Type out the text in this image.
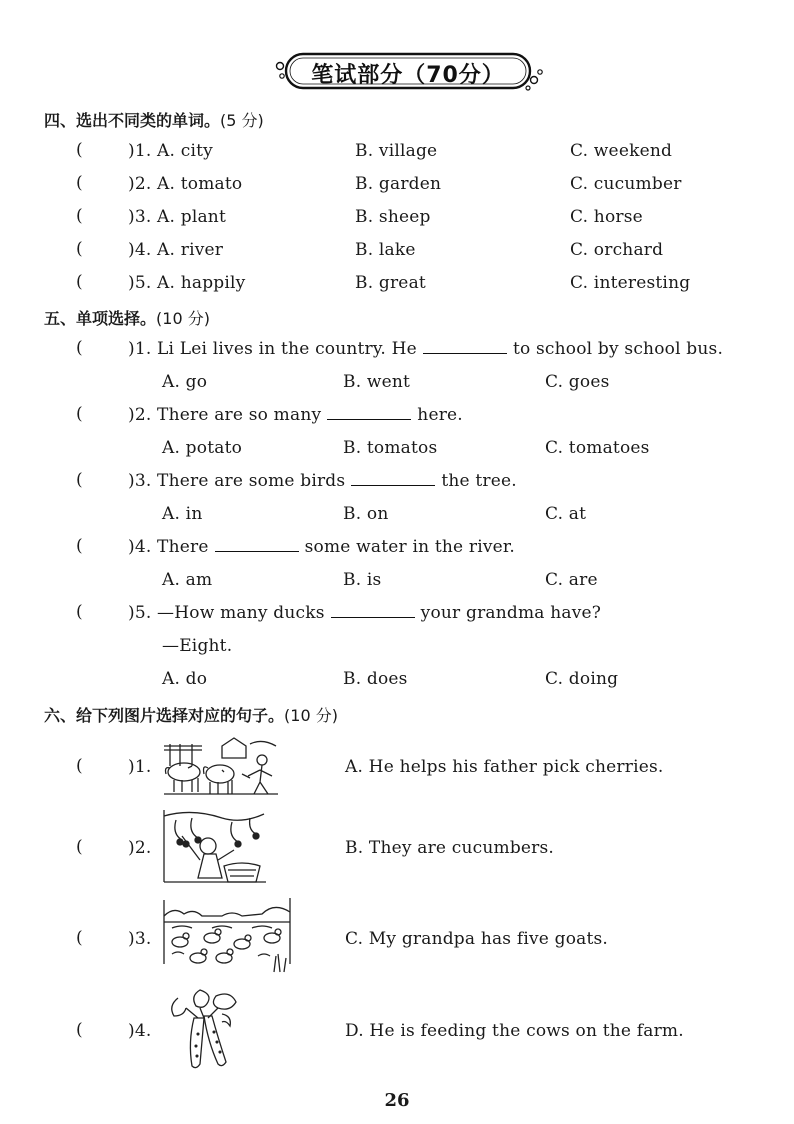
笔试部分（70分）
四、选出不同类的单词。(5 分)
(	)1. A. city	B. village	C. weekend
(	)2. A. tomato	B. garden	C. cucumber
(	)3. A. plant	B. sheep	C. horse
(	)4. A. river	B. lake	C. orchard
(	)5. A. happily	B. great	C. interesting
五、单项选择。(10 分)
(	)1. Li Lei lives in the country. He	to school by school bus.
A. go	B. went	C. goes
(	)2. There are so many	here.
A. potato	B. tomatos	C. tomatoes
(	)3. There are some birds	the tree.
A. in	B. on	C. at
(	)4. There	some water in the river.
A. am	B. is	C. are
(	)5. —How many ducks	your grandma have?
—Eight.
A. do	B. does	C. doing
六、给下列图片选择对应的句子。(10 分)
(	)1.	A. He helps his father pick cherries.
(	)2.	B. They are cucumbers.
(	)3.	C. My grandpa has five goats.
(	)4.	D. He is feeding the cows on the farm.
26
